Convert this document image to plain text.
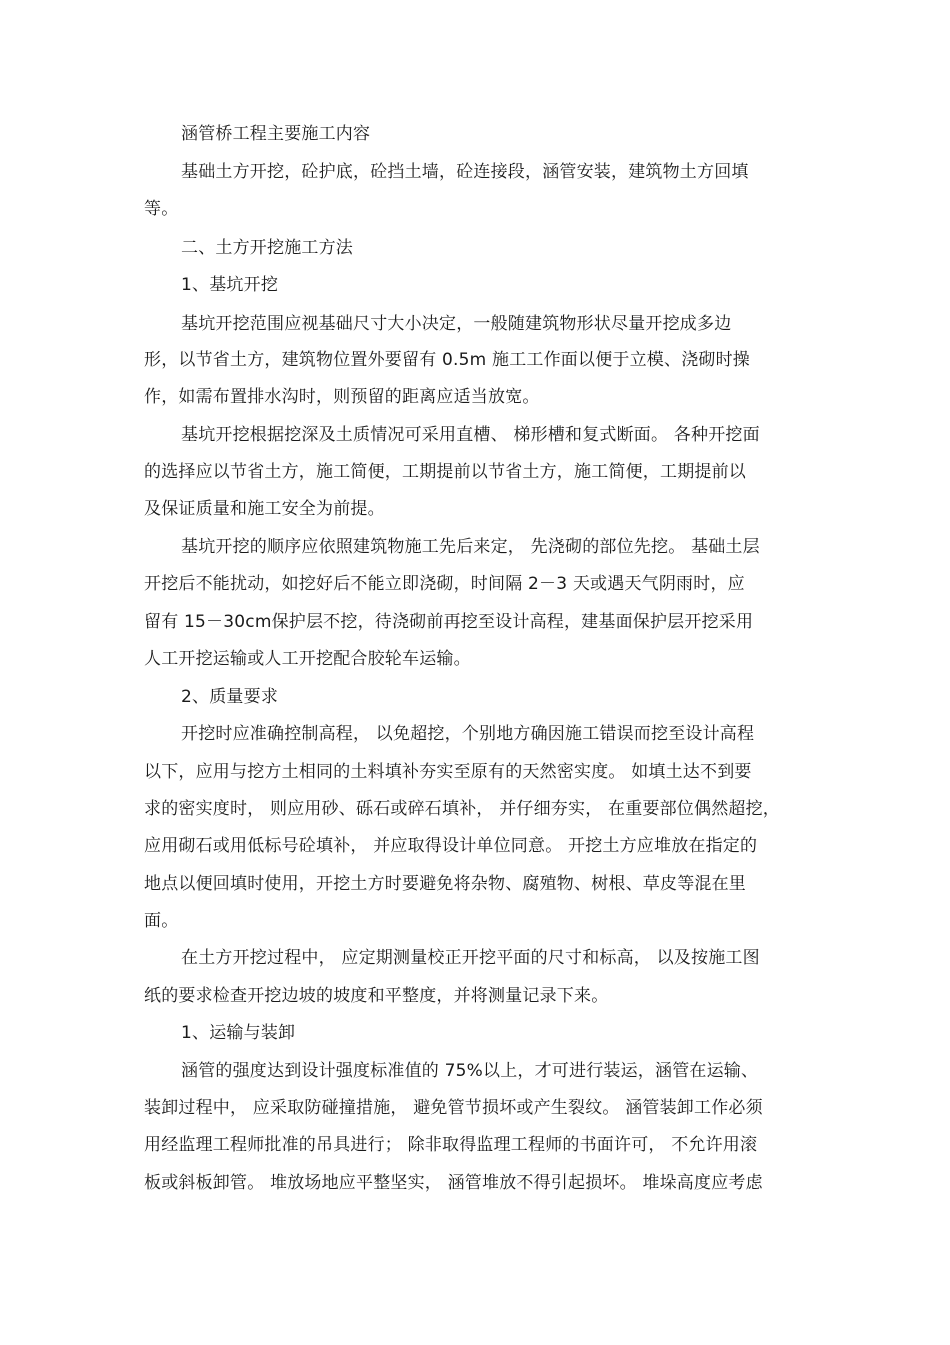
涵管桥工程主要施工内容
基础土方开挖，砼护底，砼挡土墙，砼连接段，涵管安装，建筑物土方回填
等。
二、土方开挖施工方法
1、基坑开挖
基坑开挖范围应视基础尺寸大小决定，一般随建筑物形状尽量开挖成多边
形，以节省土方，建筑物位置外要留有 0.5m 施工工作面以便于立模、浇砌时操
作，如需布置排水沟时，则预留的距离应适当放宽。
基坑开挖根据挖深及土质情况可采用直槽、 梯形槽和复式断面。 各种开挖面
的选择应以节省土方，施工简便，工期提前以节省土方，施工简便，工期提前以
及保证质量和施工安全为前提。
基坑开挖的顺序应依照建筑物施工先后来定， 先浇砌的部位先挖。 基础土层
开挖后不能扰动，如挖好后不能立即浇砌，时间隔 2－3 天或遇天气阴雨时，应
留有 15－30cm保护层不挖，待浇砌前再挖至设计高程，建基面保护层开挖采用
人工开挖运输或人工开挖配合胶轮车运输。
2、质量要求
开挖时应准确控制高程， 以免超挖，个别地方确因施工错误而挖至设计高程
以下，应用与挖方土相同的土料填补夯实至原有的天然密实度。 如填土达不到要
求的密实度时， 则应用砂、砾石或碎石填补， 并仔细夯实， 在重要部位偶然超挖，
应用砌石或用低标号砼填补， 并应取得设计单位同意。 开挖土方应堆放在指定的
地点以便回填时使用，开挖土方时要避免将杂物、腐殖物、树根、草皮等混在里
面。
在土方开挖过程中， 应定期测量校正开挖平面的尺寸和标高， 以及按施工图
纸的要求检查开挖边坡的坡度和平整度，并将测量记录下来。
1、运输与装卸
涵管的强度达到设计强度标准值的 75%以上，才可进行装运，涵管在运输、
装卸过程中， 应采取防碰撞措施， 避免管节损坏或产生裂纹。 涵管装卸工作必须
用经监理工程师批准的吊具进行； 除非取得监理工程师的书面许可， 不允许用滚
板或斜板卸管。 堆放场地应平整坚实， 涵管堆放不得引起损坏。 堆垛高度应考虑
